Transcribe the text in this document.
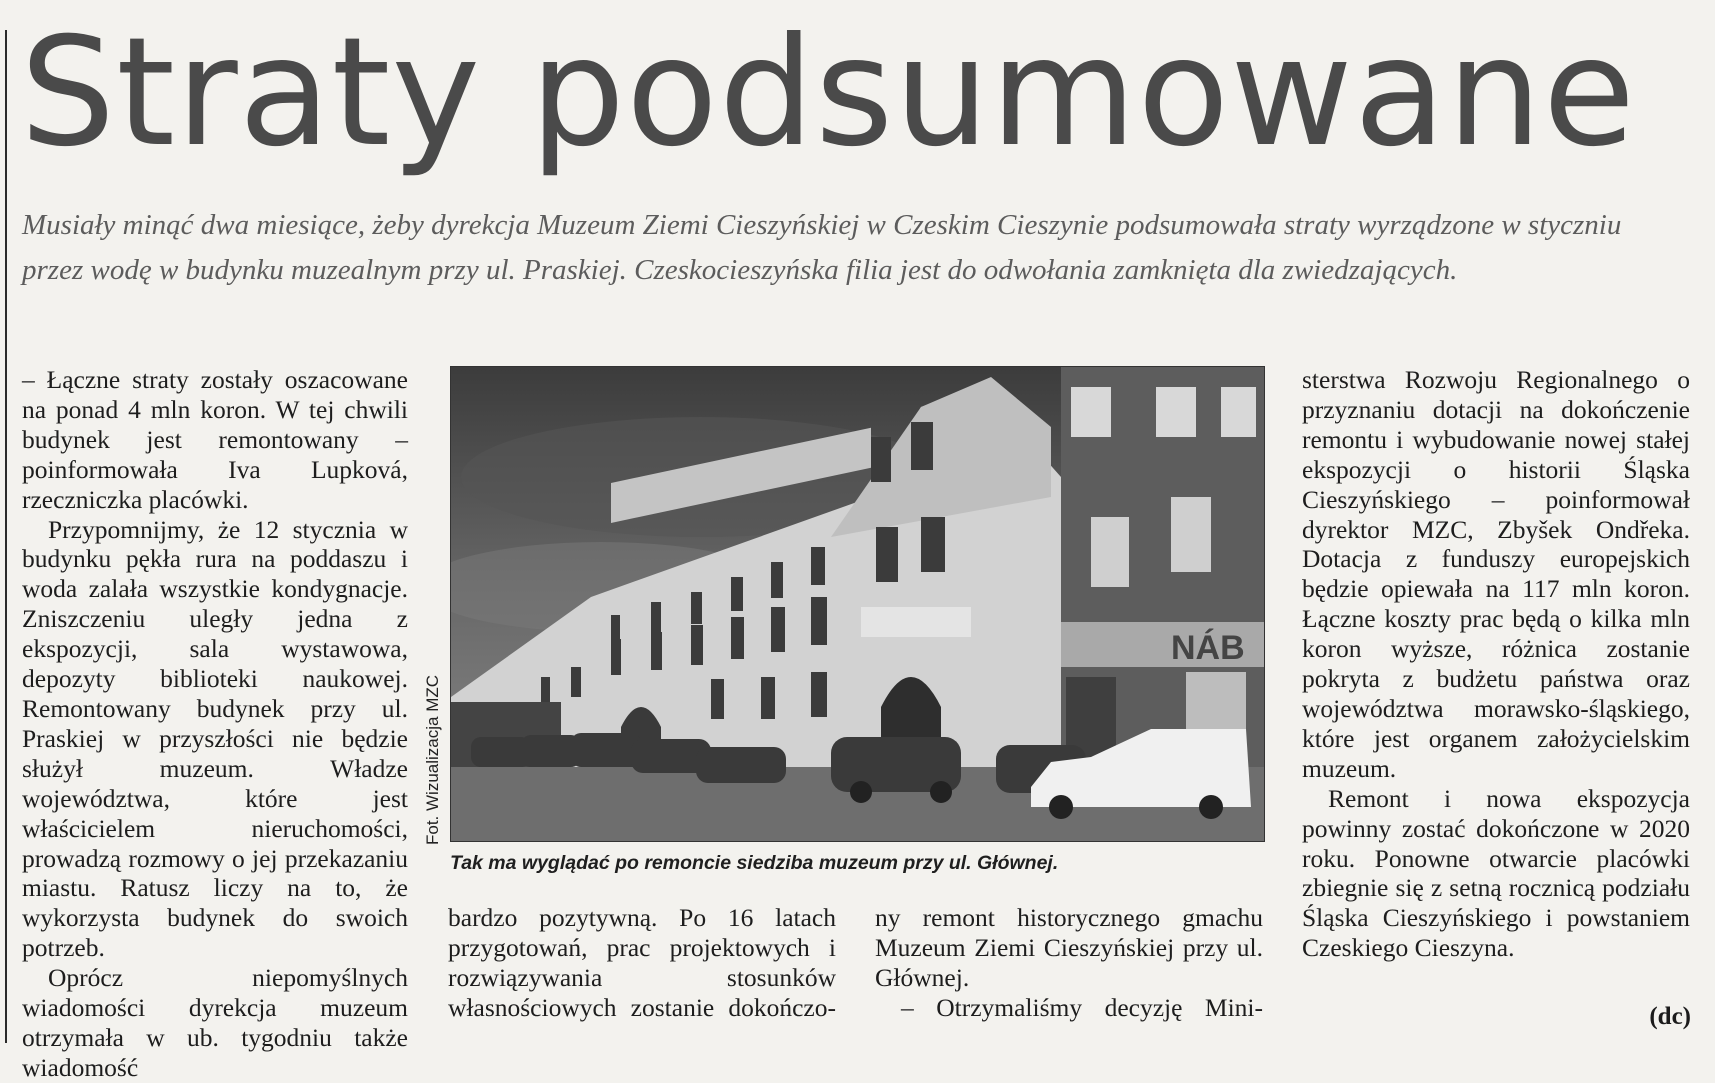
Straty podsumowane

Musiały minąć dwa miesiące, żeby dyrekcja Muzeum Ziemi Cieszyńskiej w Czeskim Cieszynie podsumowała straty wyrządzone w styczniu przez wodę w budynku muzealnym przy ul. Praskiej. Czeskocieszyńska filia jest do odwołania zamknięta dla zwiedzających.

– Łączne straty zostały oszacowane na ponad 4 mln koron. W tej chwili budynek jest remontowany – poinformowała Iva Lupková, rzeczniczka placówki.

Przypomnijmy, że 12 stycznia w budynku pękła rura na poddaszu i woda zalała wszystkie kondygnacje. Zniszczeniu uległy jedna z ekspozycji, sala wystawowa, depozyty biblioteki naukowej. Remontowany budynek przy ul. Praskiej w przyszłości nie będzie służył muzeum. Władze województwa, które jest właścicielem nieruchomości, prowadzą rozmowy o jej przekazaniu miastu. Ratusz liczy na to, że wykorzysta budynek do swoich potrzeb.

Oprócz niepomyślnych wiadomości dyrekcja muzeum otrzymała w ub. tygodniu także wiadomość

NÁB
Fot. Wizualizacja MZC

Tak ma wyglądać po remoncie siedziba muzeum przy ul. Głównej.

bardzo pozytywną. Po 16 latach przygotowań, prac projektowych i rozwiązywania stosunków własnościowych zostanie dokończo-

ny remont historycznego gmachu Muzeum Ziemi Cieszyńskiej przy ul. Głównej.

– Otrzymaliśmy decyzję Mini-

sterstwa Rozwoju Regionalnego o przyznaniu dotacji na dokończenie remontu i wybudowanie nowej stałej ekspozycji o historii Śląska Cieszyńskiego – poinformował dyrektor MZC, Zbyšek Ondřeka. Dotacja z funduszy europejskich będzie opiewała na 117 mln koron. Łączne koszty prac będą o kilka mln koron wyższe, różnica zostanie pokryta z budżetu państwa oraz województwa morawsko-śląskiego, które jest organem założycielskim muzeum.

Remont i nowa ekspozycja powinny zostać dokończone w 2020 roku. Ponowne otwarcie placówki zbiegnie się z setną rocznicą podziału Śląska Cieszyńskiego i powstaniem Czeskiego Cieszyna.

(dc)
